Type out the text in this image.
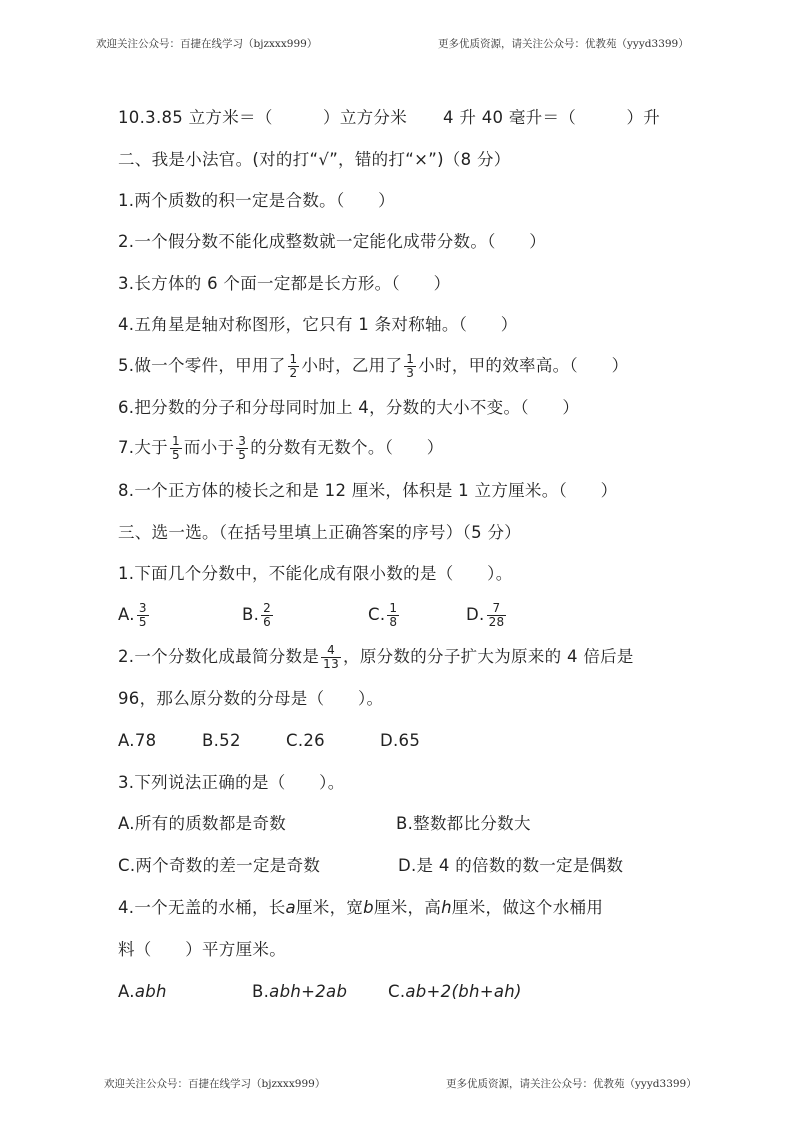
欢迎关注公众号：百捷在线学习（bjzxxx999）	更多优质资源，请关注公众号：优教苑（yyyd3399）
10.3.85 立方米＝（　　　）立方分米 4 升 40 毫升＝（　　　）升
二、我是小法官。(对的打“√”，错的打“×”)（8 分）
1.两个质数的积一定是合数。（　　）
2.一个假分数不能化成整数就一定能化成带分数。（　　）
3.长方体的 6 个面一定都是长方形。（　　）
4.五角星是轴对称图形，它只有 1 条对称轴。（　　）
5.做一个零件，甲用了 $\frac{1}{2}$ 小时，乙用了 $\frac{1}{3}$ 小时，甲的效率高。（　　）
6.把分数的分子和分母同时加上 4，分数的大小不变。（　　）
7.大于 $\frac{1}{5}$ 而小于 $\frac{3}{5}$ 的分数有无数个。（　　）
8.一个正方体的棱长之和是 12 厘米，体积是 1 立方厘米。（　　）
三、选一选。（在括号里填上正确答案的序号）（5 分）
1.下面几个分数中，不能化成有限小数的是（　　）。
A. $\frac{3}{5}$	B. $\frac{2}{6}$	C. $\frac{1}{8}$	D. $\frac{7}{28}$
2.一个分数化成最简分数是 $\frac{4}{13}$ ，原分数的分子扩大为原来的 4 倍后是
96，那么原分数的分母是（　　）。
A.78	B.52	C.26	D.65
3.下列说法正确的是（　　）。
A.所有的质数都是奇数	B.整数都比分数大
C.两个奇数的差一定是奇数	D.是 4 的倍数的数一定是偶数
4.一个无盖的水桶，长a厘米，宽b厘米，高h厘米，做这个水桶用
料（　　）平方厘米。
A.abh	B.abh+2ab C.ab+2(bh+ah)
欢迎关注公众号：百捷在线学习（bjzxxx999）	更多优质资源，请关注公众号：优教苑（yyyd3399）
